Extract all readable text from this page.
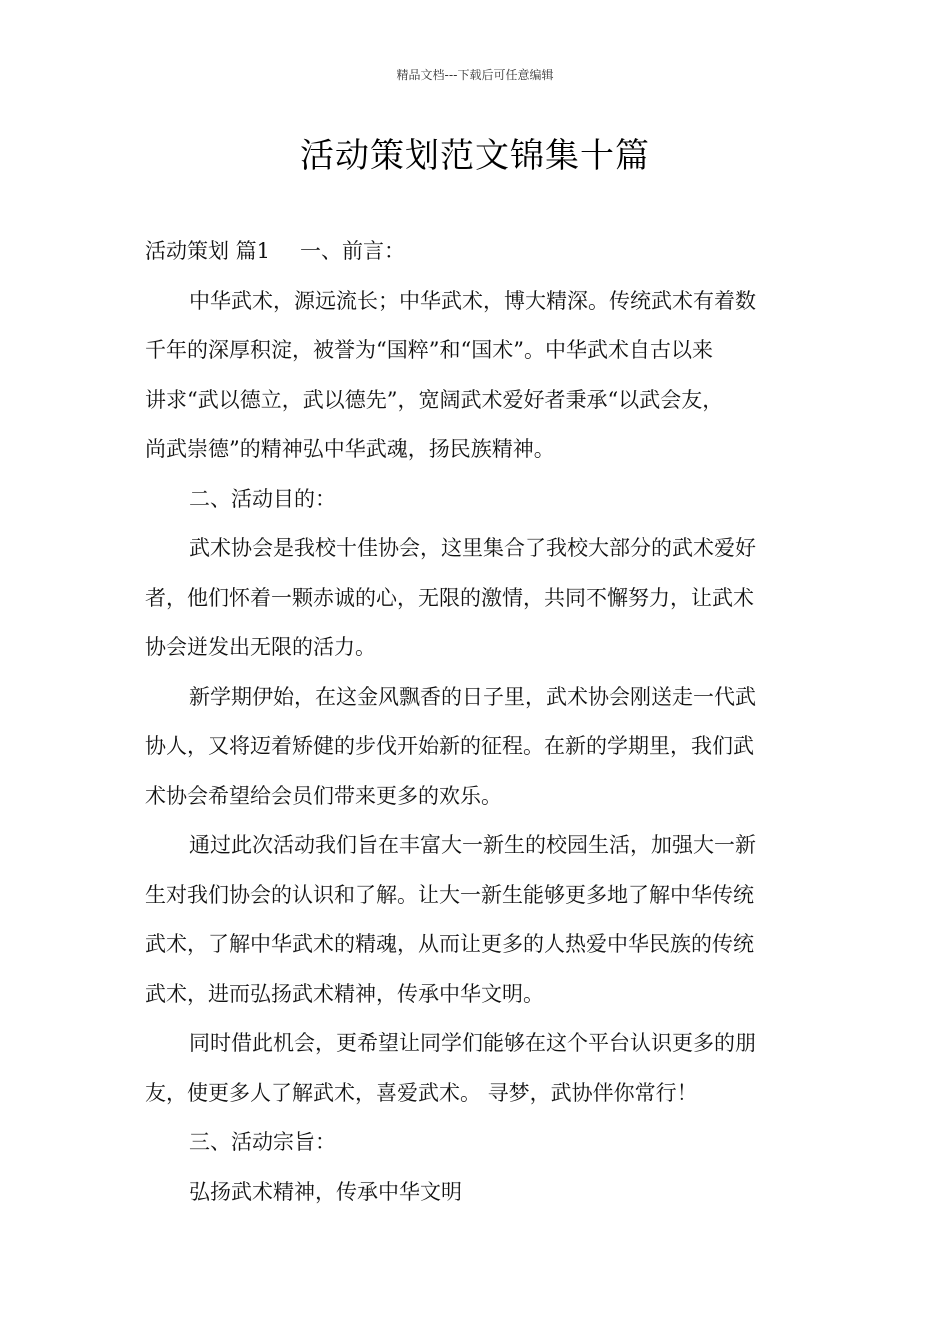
精品文档---下载后可任意编辑
活动策划范文锦集十篇
活动策划 篇1 一、前言：
中华武术，源远流长；中华武术，博大精深。传统武术有着数
千年的深厚积淀，被誉为“国粹”和“国术”。中华武术自古以来
讲求“武以德立，武以德先”，宽阔武术爱好者秉承“以武会友，
尚武崇德”的精神弘中华武魂，扬民族精神。
二、活动目的：
武术协会是我校十佳协会，这里集合了我校大部分的武术爱好
者，他们怀着一颗赤诚的心，无限的激情，共同不懈努力，让武术
协会迸发出无限的活力。
新学期伊始，在这金风飘香的日子里，武术协会刚送走一代武
协人，又将迈着矫健的步伐开始新的征程。在新的学期里，我们武
术协会希望给会员们带来更多的欢乐。
通过此次活动我们旨在丰富大一新生的校园生活，加强大一新
生对我们协会的认识和了解。让大一新生能够更多地了解中华传统
武术，了解中华武术的精魂，从而让更多的人热爱中华民族的传统
武术，进而弘扬武术精神，传承中华文明。
同时借此机会，更希望让同学们能够在这个平台认识更多的朋
友，使更多人了解武术，喜爱武术。 寻梦，武协伴你常行！
三、活动宗旨：
弘扬武术精神，传承中华文明
